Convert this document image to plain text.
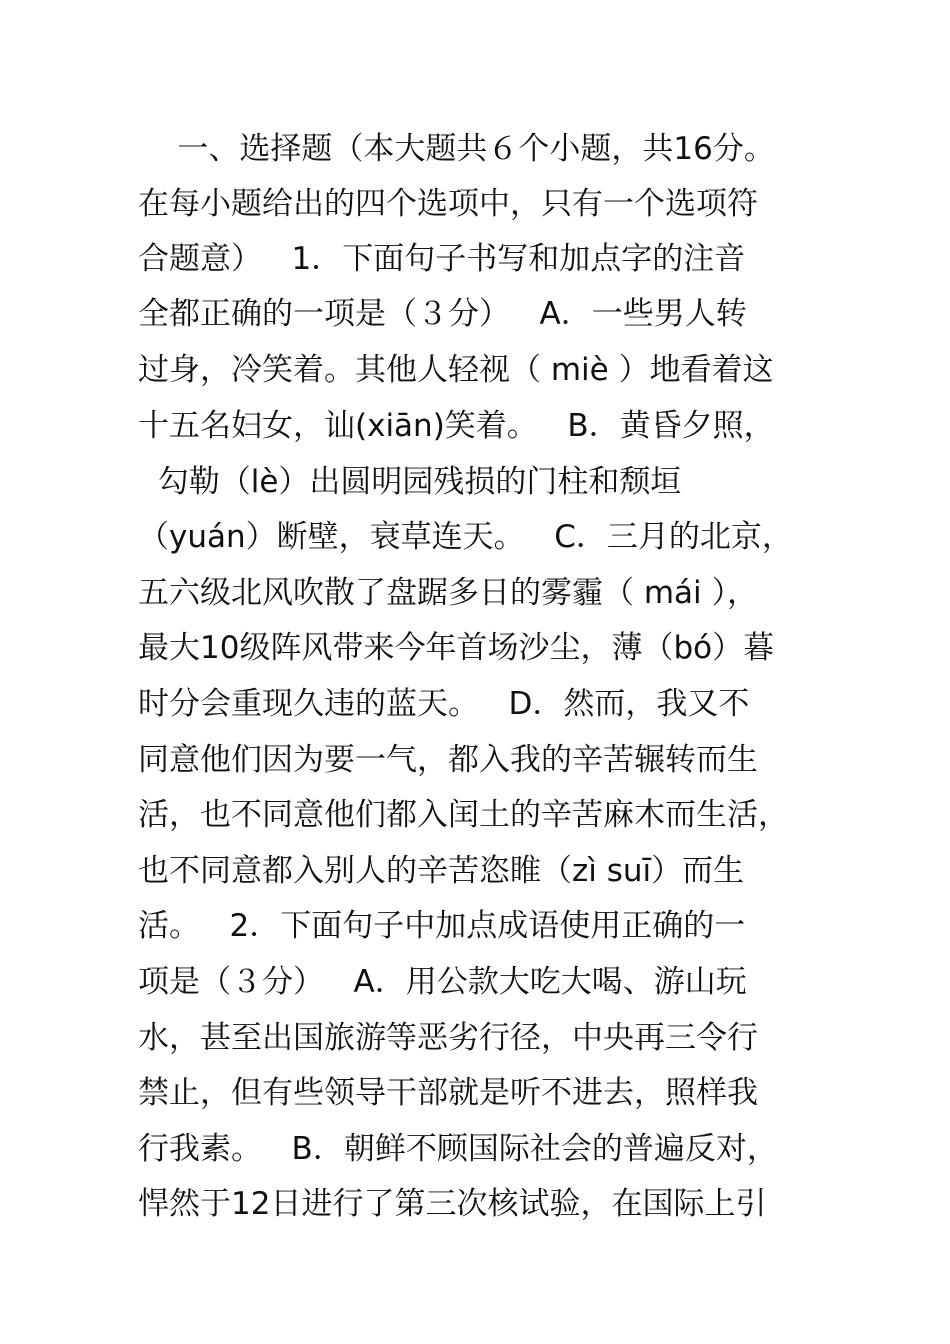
一、选择题（本大题共６个小题，共16分。
在每小题给出的四个选项中，只有一个选项符
合题意）   1．下面句子书写和加点字的注音
全都正确的一项是（３分）   A．一些男人转
过身，冷笑着。其他人轻视（ miè ）地看着这
十五名妇女，讪(xiān)笑着。   B．黄昏夕照，
勾勒（lè）出圆明园残损的门柱和颓垣
（yuán）断壁，衰草连天。   C．三月的北京，
五六级北风吹散了盘踞多日的雾霾（ mái ），
最大10级阵风带来今年首场沙尘，薄（bó）暮
时分会重现久违的蓝天。   D．然而，我又不
同意他们因为要一气，都入我的辛苦辗转而生
活，也不同意他们都入闰土的辛苦麻木而生活，
也不同意都入别人的辛苦恣睢（zì suī）而生
活。   2．下面句子中加点成语使用正确的一
项是（３分）   A．用公款大吃大喝、游山玩
水，甚至出国旅游等恶劣行径，中央再三令行
禁止，但有些领导干部就是听不进去，照样我
行我素。   B．朝鲜不顾国际社会的普遍反对，
悍然于12日进行了第三次核试验，在国际上引
